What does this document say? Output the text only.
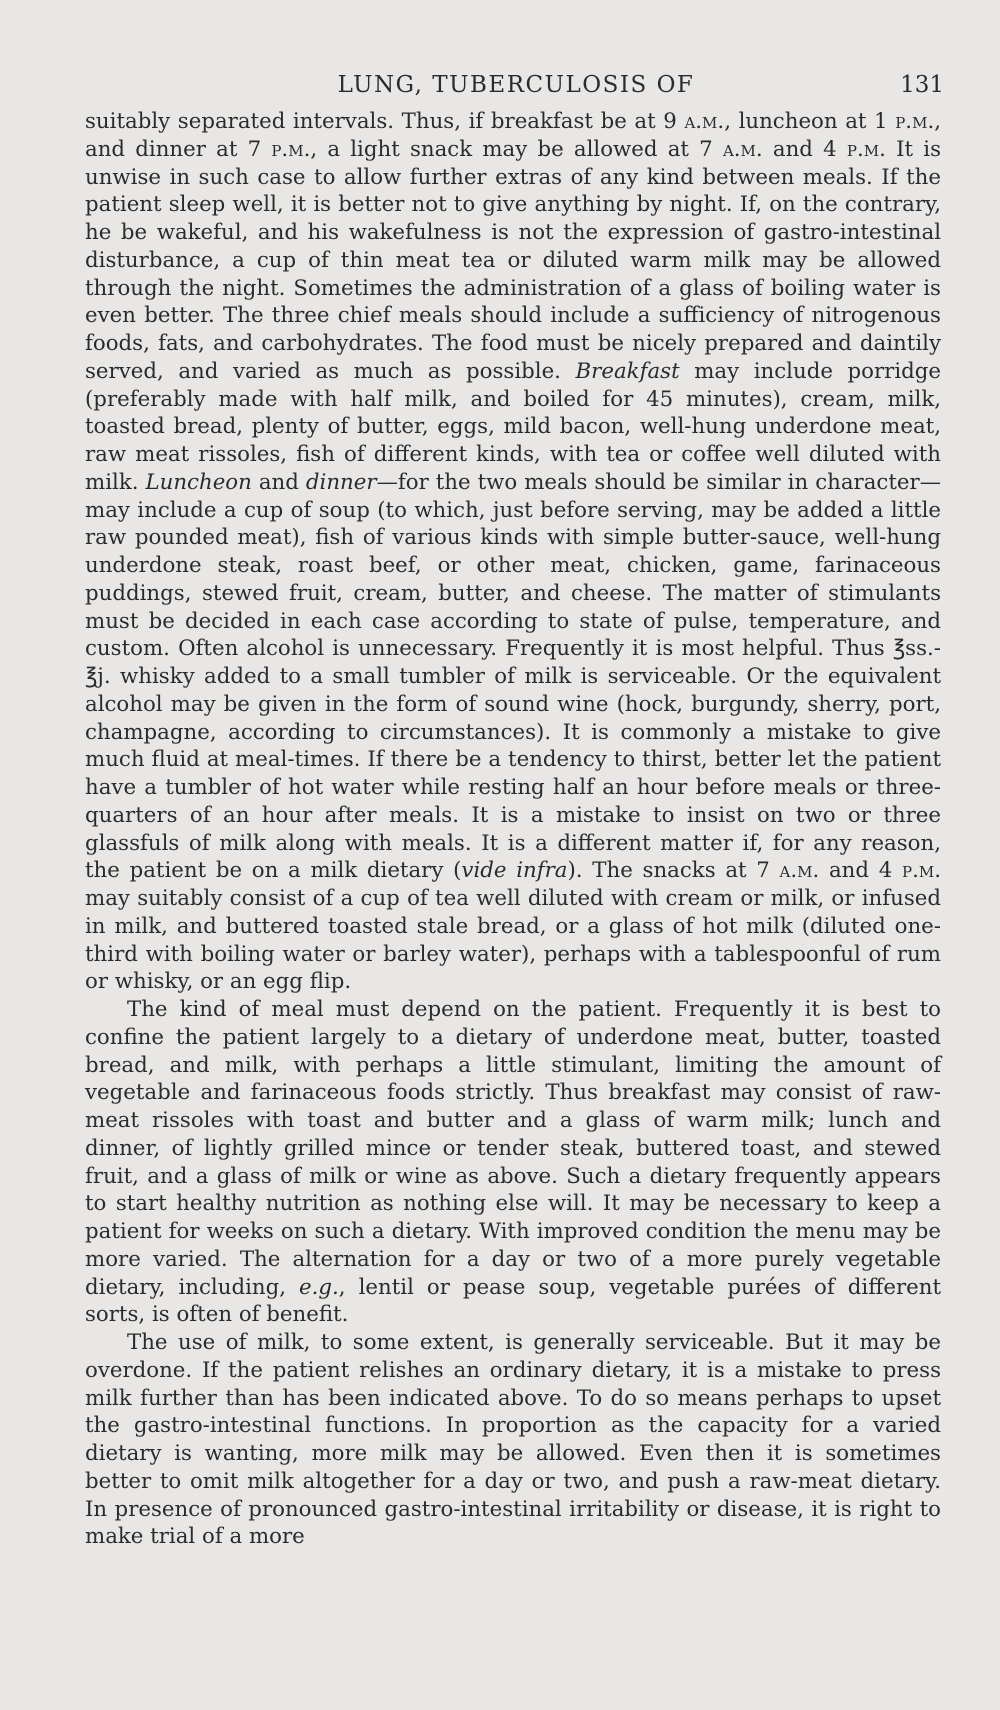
LUNG, TUBERCULOSIS OF	131

suitably separated intervals. Thus, if breakfast be at 9 a.m., luncheon at 1 p.m., and dinner at 7 p.m., a light snack may be allowed at 7 a.m. and 4 p.m. It is unwise in such case to allow further extras of any kind between meals. If the patient sleep well, it is better not to give anything by night. If, on the contrary, he be wakeful, and his wakefulness is not the expression of gastro-intestinal disturbance, a cup of thin meat tea or diluted warm milk may be allowed through the night. Sometimes the administration of a glass of boiling water is even better. The three chief meals should include a sufficiency of nitrogenous foods, fats, and carbohydrates. The food must be nicely prepared and daintily served, and varied as much as possible. Breakfast may include porridge (preferably made with half milk, and boiled for 45 minutes), cream, milk, toasted bread, plenty of butter, eggs, mild bacon, well-hung underdone meat, raw meat rissoles, fish of different kinds, with tea or coffee well diluted with milk. Luncheon and dinner—for the two meals should be similar in character—may include a cup of soup (to which, just before serving, may be added a little raw pounded meat), fish of various kinds with simple butter-sauce, well-hung underdone steak, roast beef, or other meat, chicken, game, farinaceous puddings, stewed fruit, cream, butter, and cheese. The matter of stimulants must be decided in each case according to state of pulse, temperature, and custom. Often alcohol is unnecessary. Frequently it is most helpful. Thus ℥ss.-℥j. whisky added to a small tumbler of milk is serviceable. Or the equivalent alcohol may be given in the form of sound wine (hock, burgundy, sherry, port, champagne, according to circumstances). It is commonly a mistake to give much fluid at meal-times. If there be a tendency to thirst, better let the patient have a tumbler of hot water while resting half an hour before meals or three-quarters of an hour after meals. It is a mistake to insist on two or three glassfuls of milk along with meals. It is a different matter if, for any reason, the patient be on a milk dietary (vide infra). The snacks at 7 a.m. and 4 p.m. may suitably consist of a cup of tea well diluted with cream or milk, or infused in milk, and buttered toasted stale bread, or a glass of hot milk (diluted one-third with boiling water or barley water), perhaps with a tablespoonful of rum or whisky, or an egg flip.

The kind of meal must depend on the patient. Frequently it is best to confine the patient largely to a dietary of underdone meat, butter, toasted bread, and milk, with perhaps a little stimulant, limiting the amount of vegetable and farinaceous foods strictly. Thus breakfast may consist of raw-meat rissoles with toast and butter and a glass of warm milk; lunch and dinner, of lightly grilled mince or tender steak, buttered toast, and stewed fruit, and a glass of milk or wine as above. Such a dietary frequently appears to start healthy nutrition as nothing else will. It may be necessary to keep a patient for weeks on such a dietary. With improved condition the menu may be more varied. The alternation for a day or two of a more purely vegetable dietary, including, e.g., lentil or pease soup, vegetable purées of different sorts, is often of benefit.

The use of milk, to some extent, is generally serviceable. But it may be overdone. If the patient relishes an ordinary dietary, it is a mistake to press milk further than has been indicated above. To do so means perhaps to upset the gastro-intestinal functions. In proportion as the capacity for a varied dietary is wanting, more milk may be allowed. Even then it is sometimes better to omit milk altogether for a day or two, and push a raw-meat dietary. In presence of pronounced gastro-intestinal irritability or disease, it is right to make trial of a more
